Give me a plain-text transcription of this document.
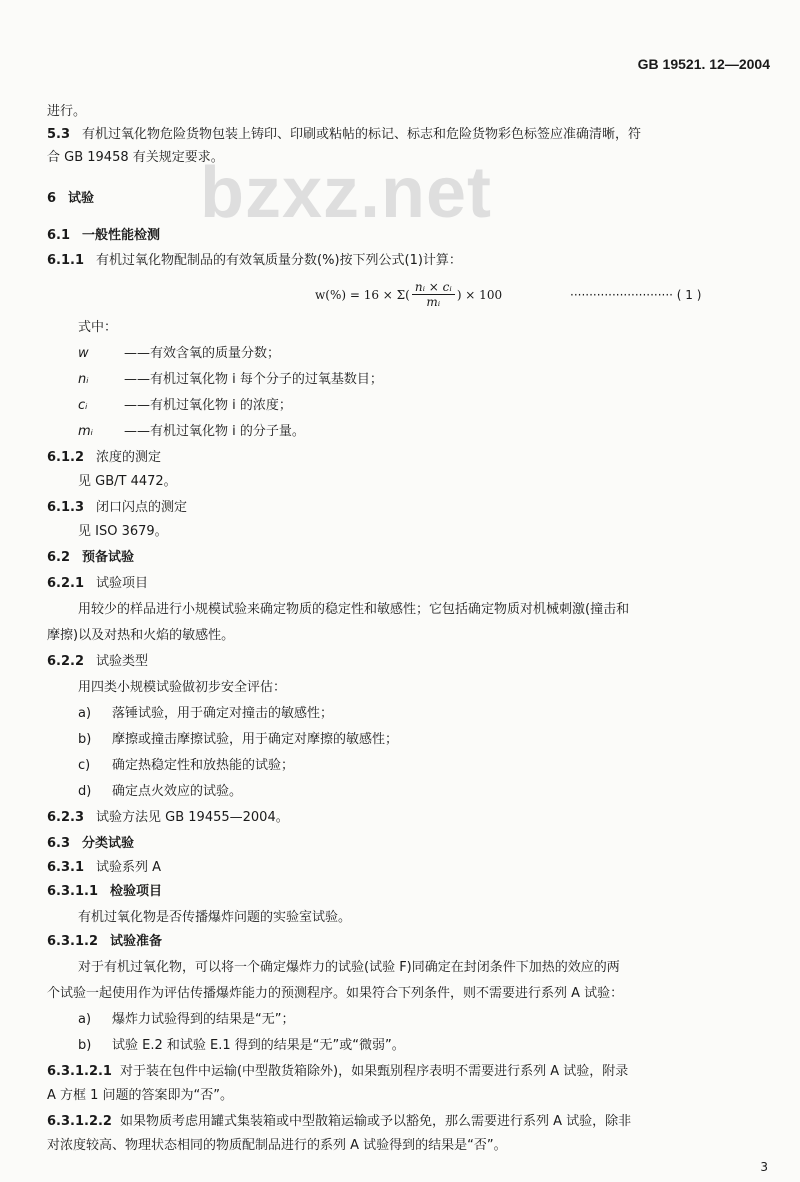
GB 19521. 12—2004
bzxz.net
进行。
5.3 有机过氧化物危险货物包装上铸印、印刷或粘帖的标记、标志和危险货物彩色标签应准确清晰，符
合 GB 19458 有关规定要求。
6 试验
6.1 一般性能检测
6.1.1 有机过氧化物配制品的有效氧质量分数(%)按下列公式(1)计算：
$w(\%) = 16 \times \Sigma( \frac{\text{nᵢ × cᵢ}}{\text{mᵢ}}$ ) × 100	··························· ( 1 )
式中：
w	——有效含氧的质量分数；
nᵢ	——有机过氧化物 i 每个分子的过氧基数目；
cᵢ	——有机过氧化物 i 的浓度；
mᵢ ——有机过氧化物 i 的分子量。
6.1.2 浓度的测定
见 GB/T 4472。
6.1.3 闭口闪点的测定
见 ISO 3679。
6.2 预备试验
6.2.1 试验项目
用较少的样品进行小规模试验来确定物质的稳定性和敏感性；它包括确定物质对机械刺激(撞击和
摩擦)以及对热和火焰的敏感性。
6.2.2 试验类型
用四类小规模试验做初步安全评估：
a) 落锤试验，用于确定对撞击的敏感性；
b) 摩擦或撞击摩擦试验，用于确定对摩擦的敏感性；
c) 确定热稳定性和放热能的试验；
d) 确定点火效应的试验。
6.2.3 试验方法见 GB 19455—2004。
6.3 分类试验
6.3.1 试验系列 A
6.3.1.1 检验项目
有机过氧化物是否传播爆炸问题的实验室试验。
6.3.1.2 试验准备
对于有机过氧化物，可以将一个确定爆炸力的试验(试验 F)同确定在封闭条件下加热的效应的两
个试验一起使用作为评估传播爆炸能力的预测程序。如果符合下列条件，则不需要进行系列 A 试验：
a) 爆炸力试验得到的结果是“无”；
b) 试验 E.2 和试验 E.1 得到的结果是“无”或“微弱”。
6.3.1.2.1 对于装在包件中运输(中型散货箱除外)，如果甄别程序表明不需要进行系列 A 试验，附录
A 方框 1 问题的答案即为“否”。
6.3.1.2.2 如果物质考虑用罐式集装箱或中型散箱运输或予以豁免，那么需要进行系列 A 试验，除非
对浓度较高、物理状态相同的物质配制品进行的系列 A 试验得到的结果是“否”。
3
